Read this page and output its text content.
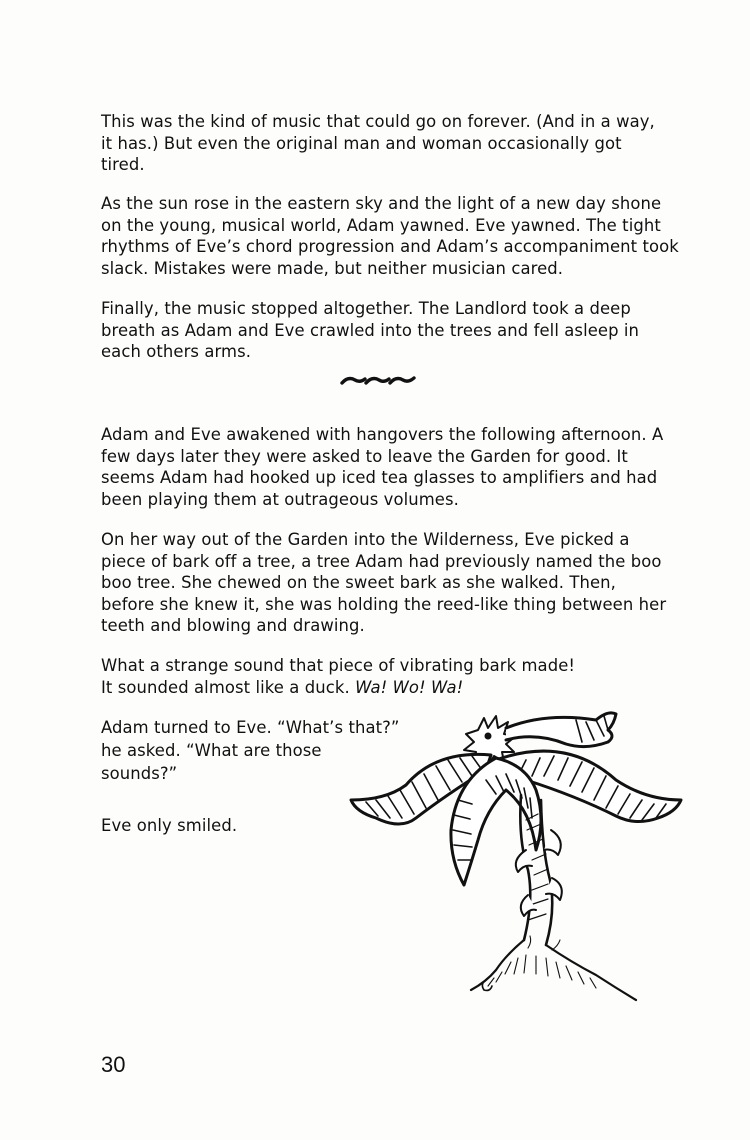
This was the kind of music that could go on forever. (And in a way,
it has.) But even the original man and woman occasionally got
tired.

As the sun rose in the eastern sky and the light of a new day shone
on the young, musical world, Adam yawned. Eve yawned. The tight
rhythms of Eve’s chord progression and Adam’s accompaniment took
slack. Mistakes were made, but neither musician cared.

Finally, the music stopped altogether. The Landlord took a deep
breath as Adam and Eve crawled into the trees and fell asleep in
each others arms.

Adam and Eve awakened with hangovers the following afternoon. A
few days later they were asked to leave the Garden for good. It
seems Adam had hooked up iced tea glasses to amplifiers and had
been playing them at outrageous volumes.

On her way out of the Garden into the Wilderness, Eve picked a
piece of bark off a tree, a tree Adam had previously named the boo
boo tree. She chewed on the sweet bark as she walked. Then,
before she knew it, she was holding the reed-like thing between her
teeth and blowing and drawing.

What a strange sound that piece of vibrating bark made!

It sounded almost like a duck. Wa! Wo! Wa!

Adam turned to Eve. “What’s that?”
he asked. “What are those
sounds?”

Eve only smiled.

30
